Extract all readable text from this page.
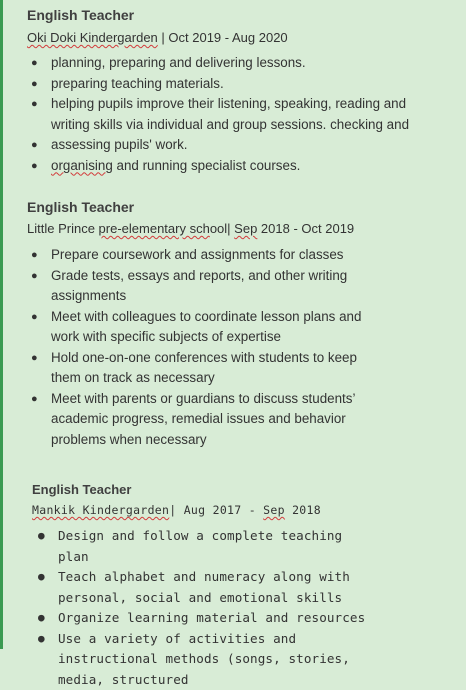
English Teacher
Oki Doki Kindergarden | Oct 2019 - Aug 2020
● planning, preparing and delivering lessons.
● preparing teaching materials.
● helping pupils improve their listening, speaking, reading and writing skills via individual and group sessions. checking and
● assessing pupils' work.
● organising and running specialist courses.
English Teacher
Little Prince pre-elementary school| Sep 2018 - Oct 2019
● Prepare coursework and assignments for classes
● Grade tests, essays and reports, and other writing assignments
● Meet with colleagues to coordinate lesson plans and work with specific subjects of expertise
● Hold one-on-one conferences with students to keep them on track as necessary
● Meet with parents or guardians to discuss students’ academic progress, remedial issues and behavior problems when necessary
English Teacher
Mankik Kindergarden| Aug 2017 - Sep 2018
● Design and follow a complete teaching plan
● Teach alphabet and numeracy along with personal, social and emotional skills
● Organize learning material and resources
● Use a variety of activities and instructional methods (songs, stories, media, structured
